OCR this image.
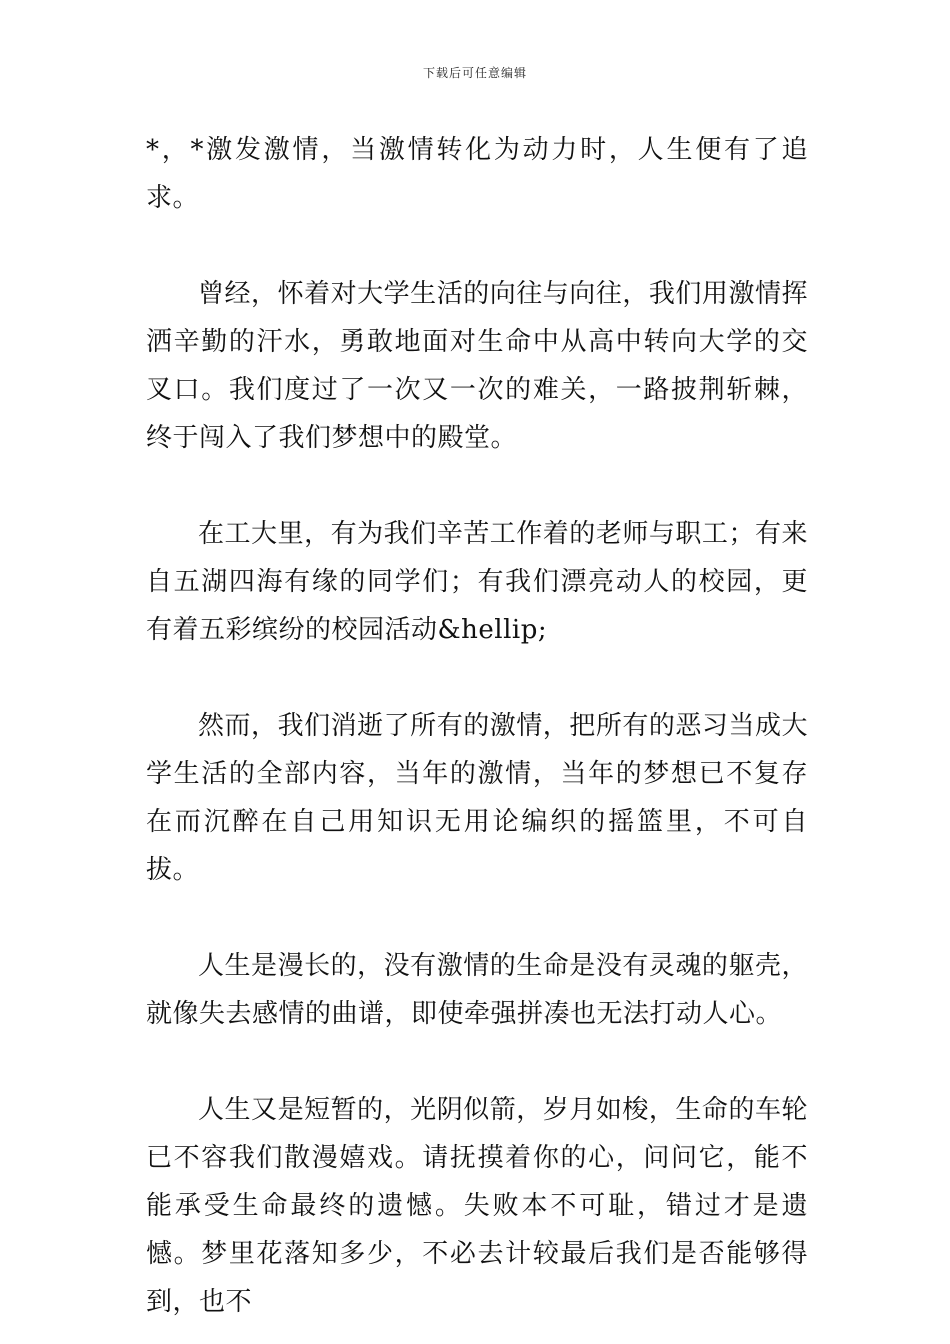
下载后可任意编辑

*，*激发激情，当激情转化为动力时，人生便有了追求。

曾经，怀着对大学生活的向往与向往，我们用激情挥洒辛勤的汗水，勇敢地面对生命中从高中转向大学的交叉口。我们度过了一次又一次的难关，一路披荆斩棘，终于闯入了我们梦想中的殿堂。

在工大里，有为我们辛苦工作着的老师与职工；有来自五湖四海有缘的同学们；有我们漂亮动人的校园，更有着五彩缤纷的校园活动&hellip;

然而，我们消逝了所有的激情，把所有的恶习当成大学生活的全部内容，当年的激情，当年的梦想已不复存在而沉醉在自己用知识无用论编织的摇篮里，不可自拔。

人生是漫长的，没有激情的生命是没有灵魂的躯壳，就像失去感情的曲谱，即使牵强拼凑也无法打动人心。

人生又是短暂的，光阴似箭，岁月如梭，生命的车轮已不容我们散漫嬉戏。请抚摸着你的心，问问它，能不能承受生命最终的遗憾。失败本不可耻，错过才是遗憾。梦里花落知多少，不必去计较最后我们是否能够得到，也不
